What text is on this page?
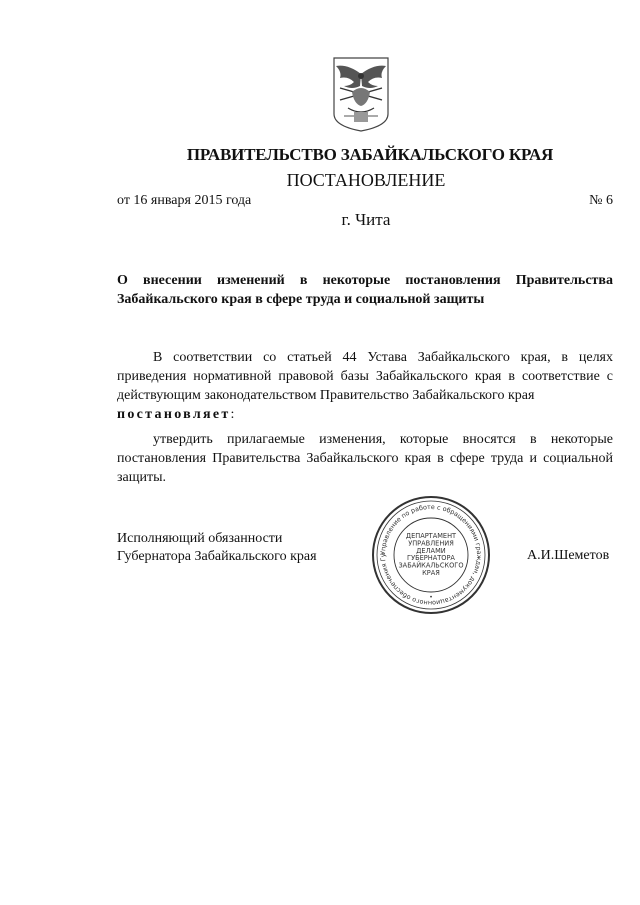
ПРАВИТЕЛЬСТВО ЗАБАЙКАЛЬСКОГО КРАЯ
ПОСТАНОВЛЕНИЕ
от 16 января 2015 года	№ 6
г. Чита
О внесении изменений в некоторые постановления Правительства Забайкальского края в сфере труда и социальной защиты
В соответствии со статьей 44 Устава Забайкальского края, в целях приведения нормативной правовой базы Забайкальского края в соответствие с действующим законодательством Правительство Забайкальского края
постановляет:
утвердить прилагаемые изменения, которые вносятся в некоторые постановления Правительства Забайкальского края в сфере труда и социальной защиты.
Исполняющий обязанности
Губернатора Забайкальского края	А.И.Шеметов
Управление по работе с обращениями граждан, документационного обеспечения Гу
ДЕПАРТАМЕНТ
УПРАВЛЕНИЯ
ДЕЛАМИ
ГУБЕРНАТОРА
ЗАБАЙКАЛЬСКОГО
КРАЯ
•
